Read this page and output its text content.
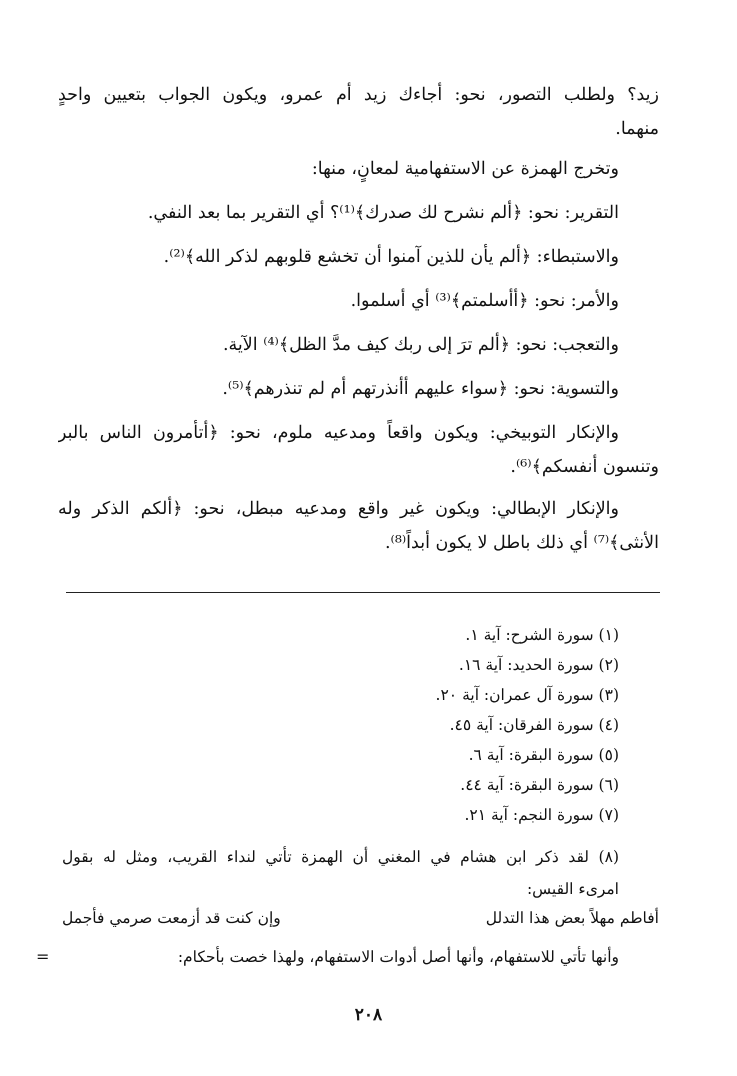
زيد؟ ولطلب التصور، نحو: أجاءك زيد أم عمرو، ويكون الجواب بتعيين واحدٍ
منهما.
وتخرج الهمزة عن الاستفهامية لمعانٍ، منها:
التقرير: نحو: ﴿ألم نشرح لك صدرك﴾⁽¹⁾؟ أي التقرير بما بعد النفي.
والاستبطاء: ﴿ألم يأن للذين آمنوا أن تخشع قلوبهم لذكر الله﴾⁽²⁾.
والأمر: نحو: ﴿أأسلمتم﴾⁽³⁾ أي أسلموا.
والتعجب: نحو: ﴿ألم ترَ إلى ربك كيف مدَّ الظل﴾⁽⁴⁾ الآية.
والتسوية: نحو: ﴿سواء عليهم أأنذرتهم أم لم تنذرهم﴾⁽⁵⁾.
والإنكار التوبيخي: ويكون واقعاً ومدعيه ملوم، نحو: ﴿أتأمرون الناس بالبر
وتنسون أنفسكم﴾⁽⁶⁾.
والإنكار الإبطالي: ويكون غير واقع ومدعيه مبطل، نحو: ﴿ألكم الذكر وله
الأنثى﴾⁽⁷⁾ أي ذلك باطل لا يكون أبداً⁽⁸⁾.
(١) سورة الشرح: آية ١.
(٢) سورة الحديد: آية ١٦.
(٣) سورة آل عمران: آية ٢٠.
(٤) سورة الفرقان: آية ٤٥.
(٥) سورة البقرة: آية ٦.
(٦) سورة البقرة: آية ٤٤.
(٧) سورة النجم: آية ٢١.
(٨) لقد ذكر ابن هشام في المغني أن الهمزة تأتي لنداء القريب، ومثل له بقول
امرىء القيس:
أفاطم مهلاً بعض هذا التدلل
وإن كنت قد أزمعت صرمي فأجمل
وأنها تأتي للاستفهام، وأنها أصل أدوات الاستفهام، ولهذا خصت بأحكام:
=
٢٠٨
